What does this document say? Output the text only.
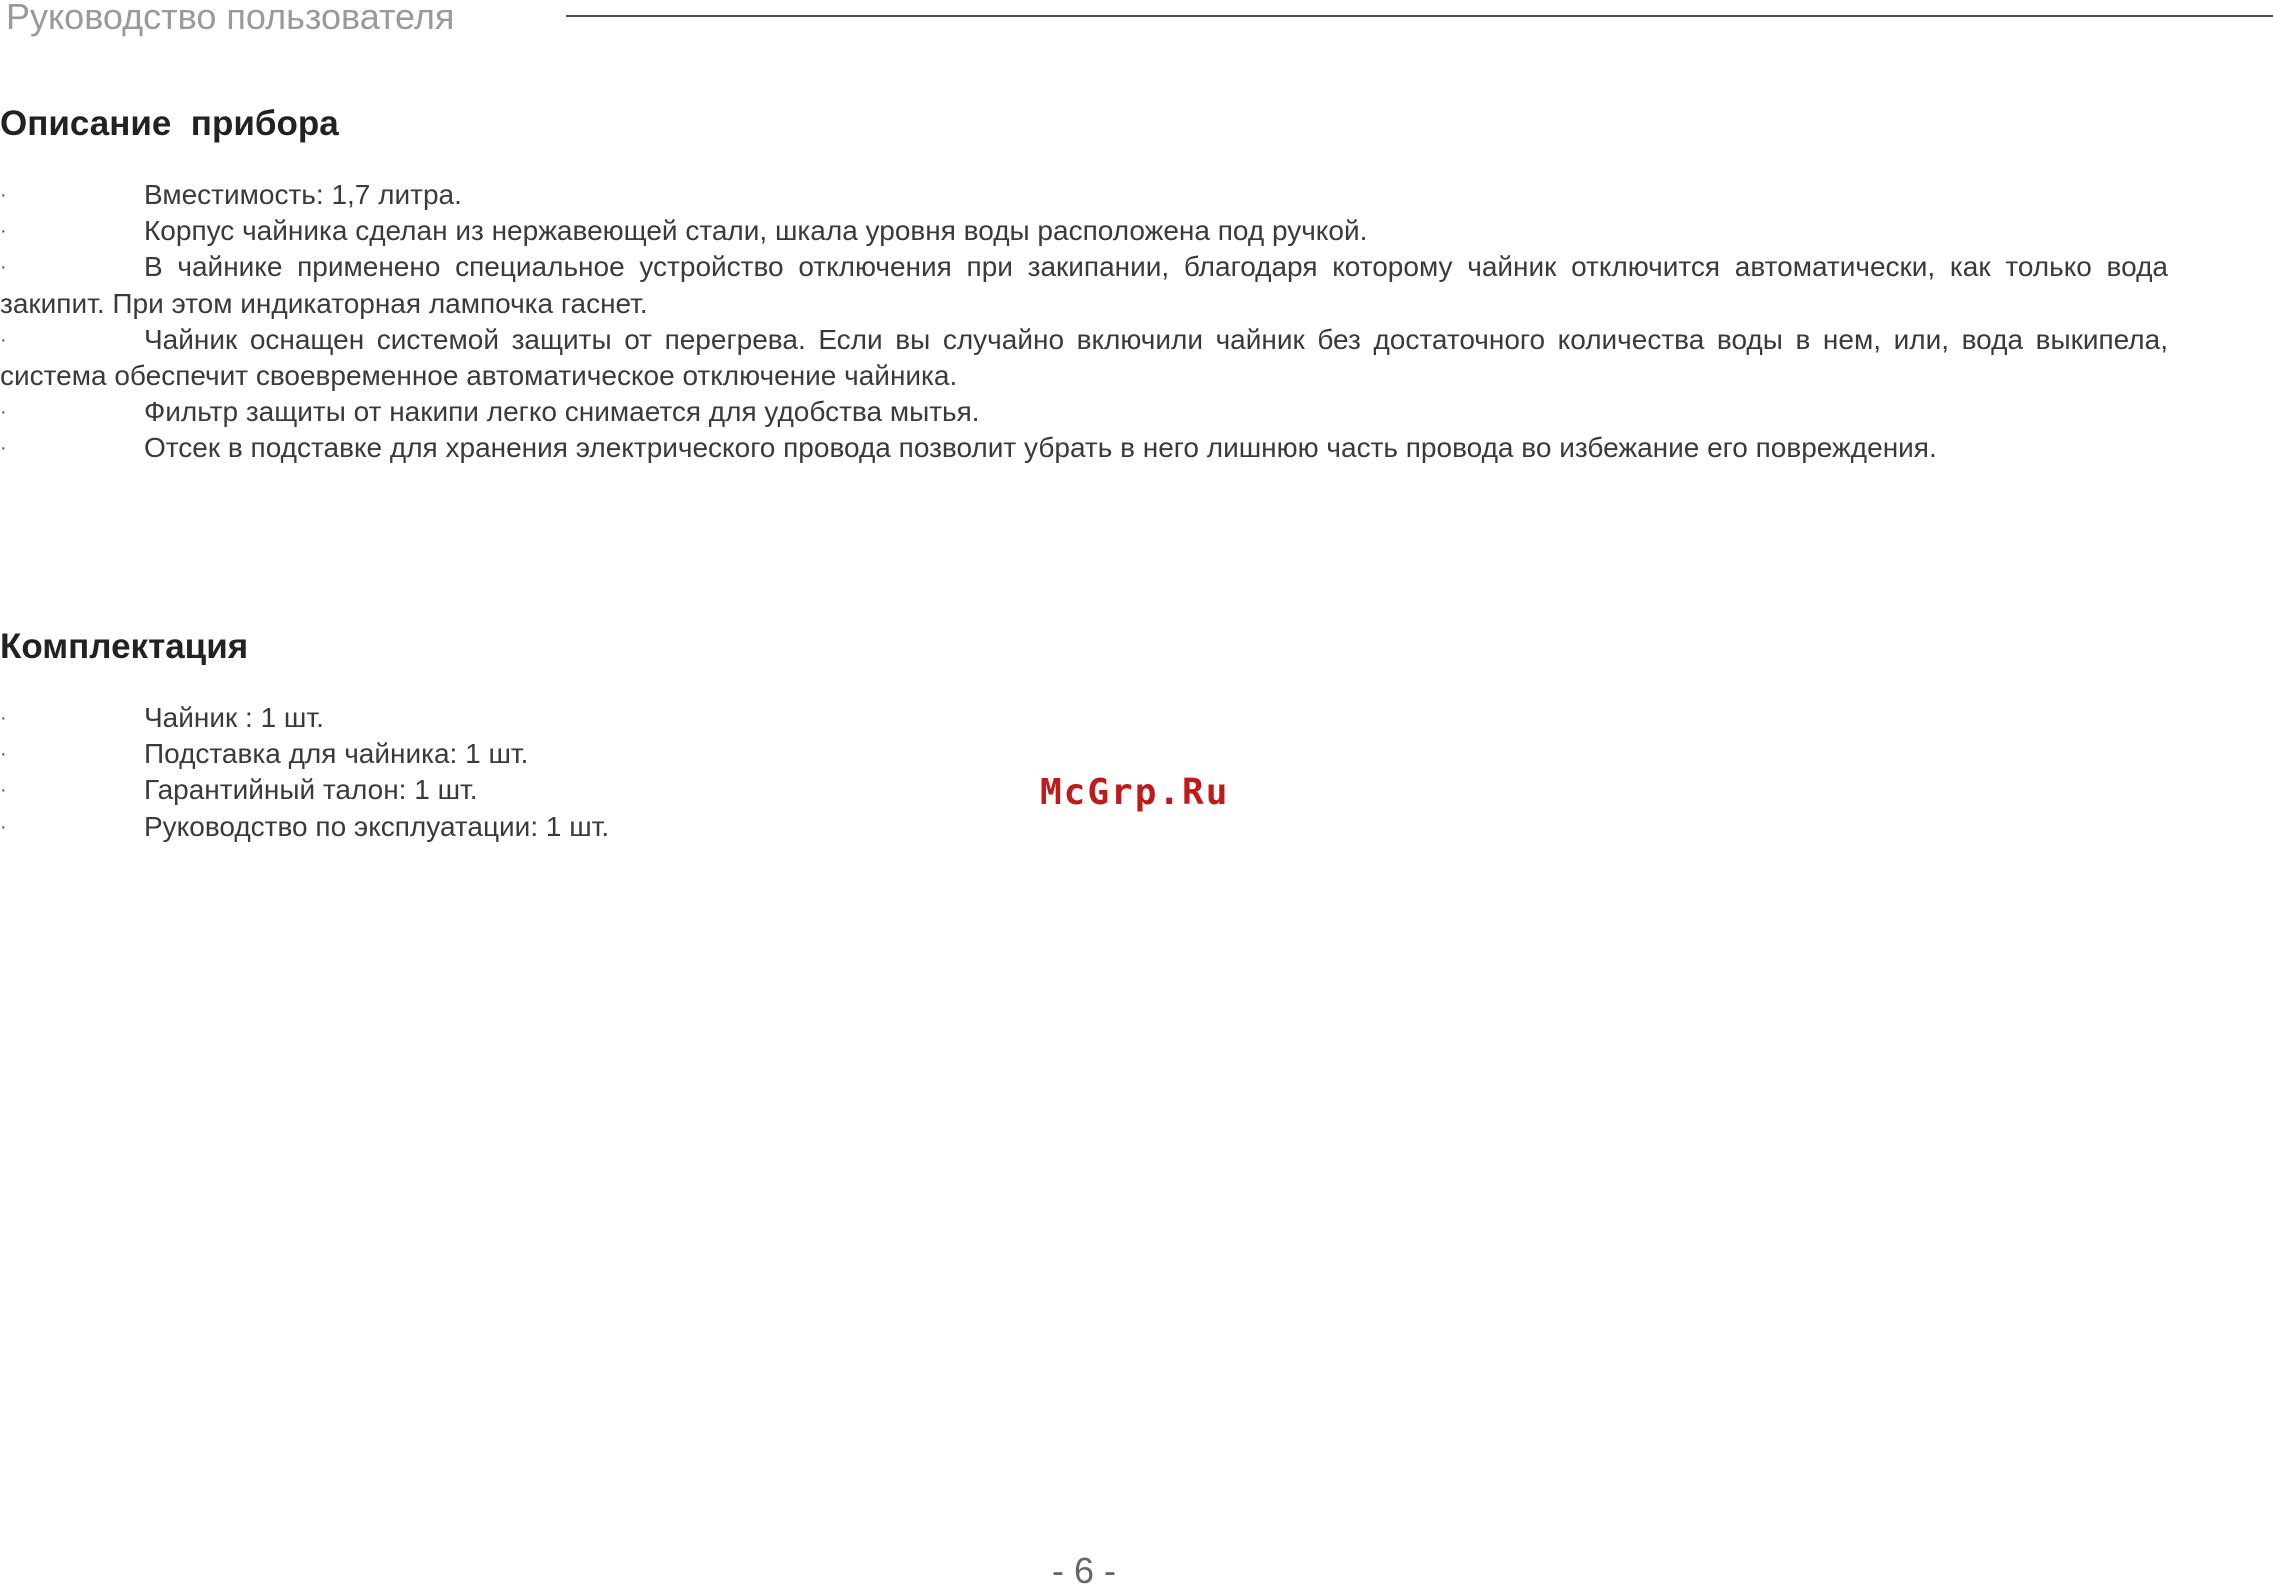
Руководство пользователя
Описание  прибора
·	Вместимость: 1,7 литра.
·	Корпус чайника сделан из нержавеющей стали, шкала уровня воды расположена под ручкой.
·	В чайнике применено специальное устройство отключения при закипании, благодаря которому чайник отключится автоматически, как только вода закипит. При этом индикаторная лампочка гаснет.
·	Чайник оснащен системой защиты от перегрева. Если вы случайно включили чайник без достаточного количества воды в нем, или, вода выкипела, система обеспечит своевременное автоматическое отключение чайника.
·	Фильтр защиты от накипи легко снимается для удобства мытья.
·	Отсек в подставке для хранения электрического провода позволит убрать в него лишнюю часть провода во избежание его повреждения.
Комплектация
·	Чайник : 1 шт.
·	Подставка для чайника: 1 шт.
·	Гарантийный талон: 1 шт.
·	Руководство по эксплуатации: 1 шт.
McGrp.Ru
- 6 -
